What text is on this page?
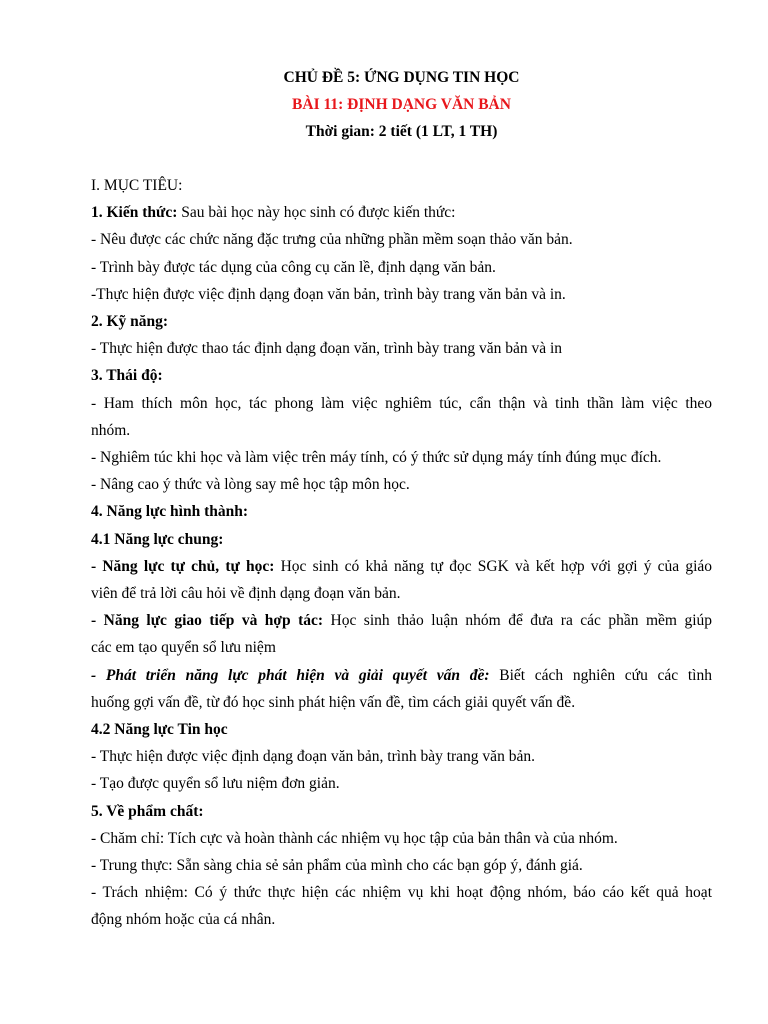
CHỦ ĐỀ 5: ỨNG DỤNG TIN HỌC

BÀI 11: ĐỊNH DẠNG VĂN BẢN

Thời gian: 2 tiết (1 LT, 1 TH)

I. MỤC TIÊU:

1. Kiến thức: Sau bài học này học sinh có được kiến thức:

- Nêu được các chức năng đặc trưng của những phần mềm soạn thảo văn bản.

- Trình bày được tác dụng của công cụ căn lề, định dạng văn bản.

-Thực hiện được việc định dạng đoạn văn bản, trình bày trang văn bản và in.

2. Kỹ năng:

- Thực hiện được thao tác định dạng đoạn văn, trình bày trang văn bản và in

3. Thái độ:

- Ham thích môn học, tác phong làm việc nghiêm túc, cẩn thận và tinh thần làm việc theo

nhóm.

- Nghiêm túc khi học và làm việc trên máy tính, có ý thức sử dụng máy tính đúng mục đích.

- Nâng cao ý thức và lòng say mê học tập môn học.

4. Năng lực hình thành:

4.1 Năng lực chung:

- Năng lực tự chủ, tự học: Học sinh có khả năng tự đọc SGK và kết hợp với gợi ý của giáo

viên để trả lời câu hỏi về định dạng đoạn văn bản.

- Năng lực giao tiếp và hợp tác: Học sinh thảo luận nhóm để đưa ra các phần mềm giúp

các em tạo quyển sổ lưu niệm

- Phát triển năng lực phát hiện và giải quyết vấn đề: Biết cách nghiên cứu các tình

huống gợi vấn đề, từ đó học sinh phát hiện vấn đề, tìm cách giải quyết vấn đề.

4.2 Năng lực Tin học

- Thực hiện được việc định dạng đoạn văn bản, trình bày trang văn bản.

- Tạo được quyển sổ lưu niệm đơn giản.

5. Về phẩm chất:

- Chăm chỉ: Tích cực và hoàn thành các nhiệm vụ học tập của bản thân và của nhóm.

- Trung thực: Sẵn sàng chia sẻ sản phẩm của mình cho các bạn góp ý, đánh giá.

- Trách nhiệm: Có ý thức thực hiện các nhiệm vụ khi hoạt động nhóm, báo cáo kết quả hoạt

động nhóm hoặc của cá nhân.
